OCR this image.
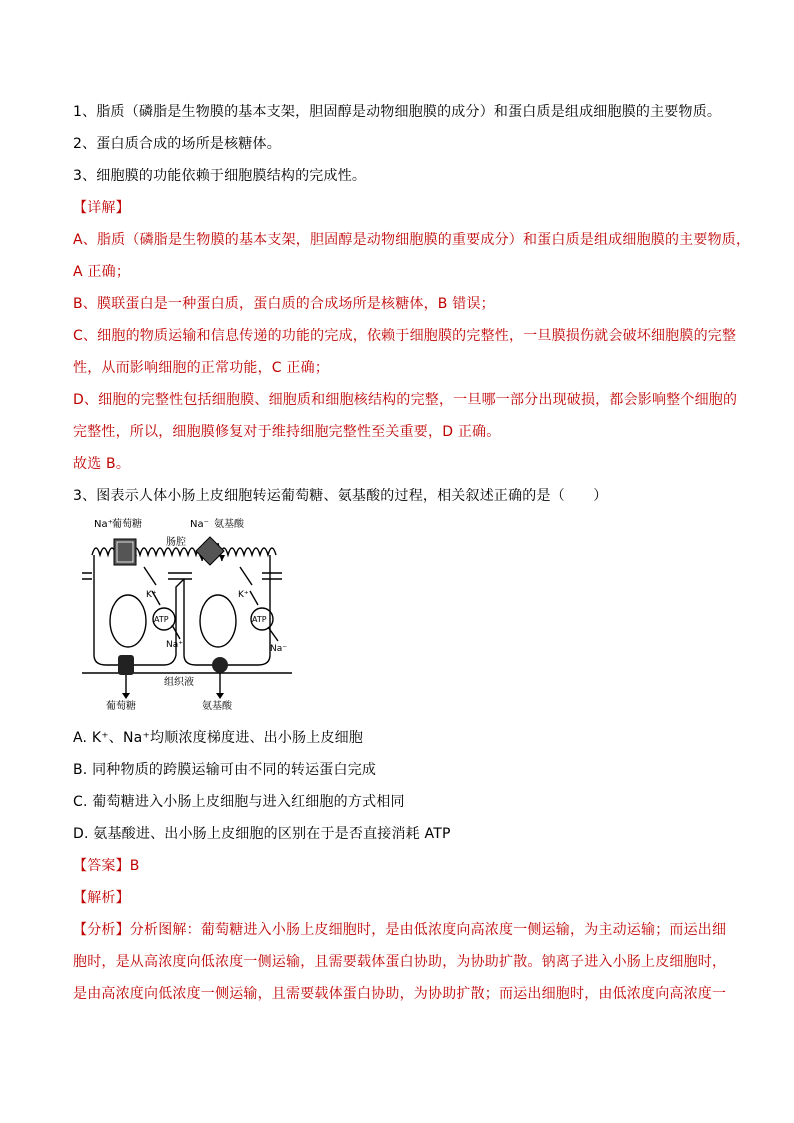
1、脂质（磷脂是生物膜的基本支架，胆固醇是动物细胞膜的成分）和蛋白质是组成细胞膜的主要物质。
2、蛋白质合成的场所是核糖体。
3、细胞膜的功能依赖于细胞膜结构的完成性。
【详解】
A、脂质（磷脂是生物膜的基本支架，胆固醇是动物细胞膜的重要成分）和蛋白质是组成细胞膜的主要物质，
A 正确；
B、膜联蛋白是一种蛋白质，蛋白质的合成场所是核糖体，B 错误；
C、细胞的物质运输和信息传递的功能的完成，依赖于细胞膜的完整性，一旦膜损伤就会破坏细胞膜的完整
性，从而影响细胞的正常功能，C 正确；
D、细胞的完整性包括细胞膜、细胞质和细胞核结构的完整，一旦哪一部分出现破损，都会影响整个细胞的
完整性，所以，细胞膜修复对于维持细胞完整性至关重要，D 正确。
故选 B。
3、图表示人体小肠上皮细胞转运葡萄糖、氨基酸的过程，相关叙述正确的是（　　）
Na⁺ 葡萄糖	Na⁻ 氨基酸
肠腔
K⁺
ATP
Na⁺
K⁺
ATP
Na⁻
组织液
葡萄糖	氨基酸
A. K⁺、Na⁺均顺浓度梯度进、出小肠上皮细胞
B. 同种物质的跨膜运输可由不同的转运蛋白完成
C. 葡萄糖进入小肠上皮细胞与进入红细胞的方式相同
D. 氨基酸进、出小肠上皮细胞的区别在于是否直接消耗 ATP
【答案】B
【解析】
【分析】分析图解：葡萄糖进入小肠上皮细胞时，是由低浓度向高浓度一侧运输，为主动运输；而运出细
胞时，是从高浓度向低浓度一侧运输，且需要载体蛋白协助，为协助扩散。钠离子进入小肠上皮细胞时，
是由高浓度向低浓度一侧运输，且需要载体蛋白协助，为协助扩散；而运出细胞时，由低浓度向高浓度一
